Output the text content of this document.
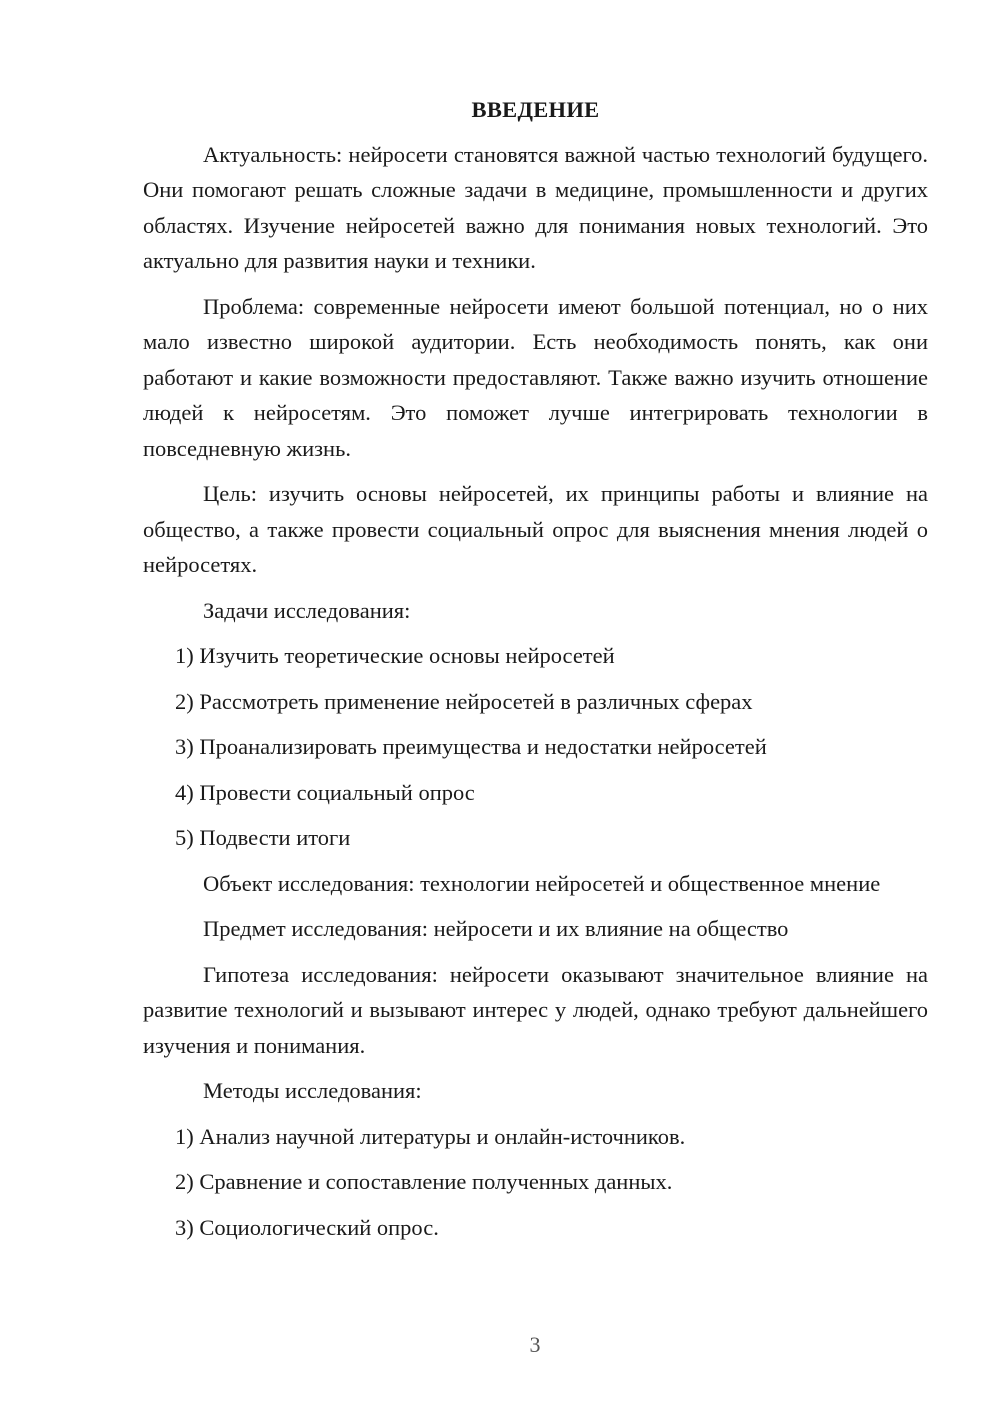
ВВЕДЕНИЕ

Актуальность: нейросети становятся важной частью технологий будущего. Они помогают решать сложные задачи в медицине, промышленности и других областях. Изучение нейросетей важно для понимания новых технологий. Это актуально для развития науки и техники.

Проблема: современные нейросети имеют большой потенциал, но о них мало известно широкой аудитории. Есть необходимость понять, как они работают и какие возможности предоставляют. Также важно изучить отношение людей к нейросетям. Это поможет лучше интегрировать технологии в повседневную жизнь.

Цель: изучить основы нейросетей, их принципы работы и влияние на общество, а также провести социальный опрос для выяснения мнения людей о нейросетях.

Задачи исследования:

1) Изучить теоретические основы нейросетей
2) Рассмотреть применение нейросетей в различных сферах
3) Проанализировать преимущества и недостатки нейросетей
4) Провести социальный опрос
5) Подвести итоги

Объект исследования: технологии нейросетей и общественное мнение

Предмет исследования: нейросети и их влияние на общество

Гипотеза исследования: нейросети оказывают значительное влияние на развитие технологий и вызывают интерес у людей, однако требуют дальнейшего изучения и понимания.

Методы исследования:

1) Анализ научной литературы и онлайн-источников.
2) Сравнение и сопоставление полученных данных.
3) Социологический опрос.
3
